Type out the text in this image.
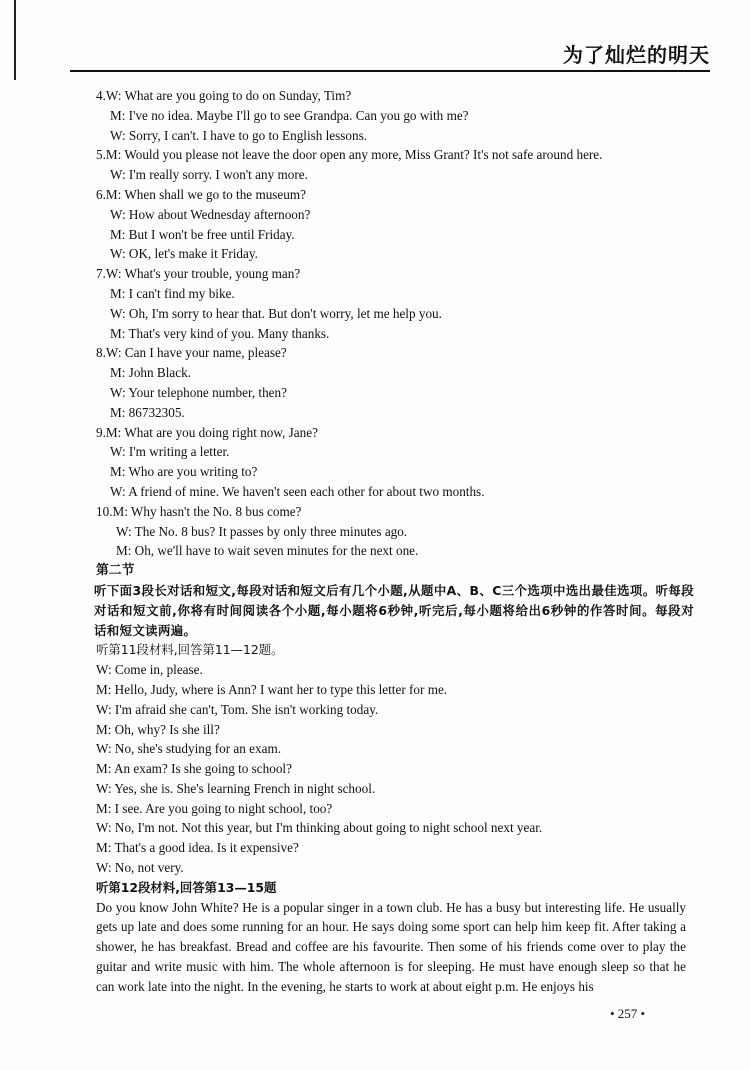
为了灿烂的明天
4.W: What are you going to do on Sunday, Tim?
M: I've no idea. Maybe I'll go to see Grandpa. Can you go with me?
W: Sorry, I can't. I have to go to English lessons.
5.M: Would you please not leave the door open any more, Miss Grant? It's not safe around here.
W: I'm really sorry. I won't any more.
6.M: When shall we go to the museum?
W: How about Wednesday afternoon?
M: But I won't be free until Friday.
W: OK, let's make it Friday.
7.W: What's your trouble, young man?
M: I can't find my bike.
W: Oh, I'm sorry to hear that. But don't worry, let me help you.
M: That's very kind of you. Many thanks.
8.W: Can I have your name, please?
M: John Black.
W: Your telephone number, then?
M: 86732305.
9.M: What are you doing right now, Jane?
W: I'm writing a letter.
M: Who are you writing to?
W: A friend of mine. We haven't seen each other for about two months.
10.M: Why hasn't the No. 8 bus come?
W: The No. 8 bus? It passes by only three minutes ago.
M: Oh, we'll have to wait seven minutes for the next one.
第二节
听下面3段长对话和短文,每段对话和短文后有几个小题,从题中A、B、C三个选项中选出最佳选项。听每段对话和短文前,你将有时间阅读各个小题,每小题将6秒钟,听完后,每小题将给出6秒钟的作答时间。每段对话和短文读两遍。
听第11段材料,回答第11—12题。
W: Come in, please.
M: Hello, Judy, where is Ann? I want her to type this letter for me.
W: I'm afraid she can't, Tom. She isn't working today.
M: Oh, why? Is she ill?
W: No, she's studying for an exam.
M: An exam? Is she going to school?
W: Yes, she is. She's learning French in night school.
M: I see. Are you going to night school, too?
W: No, I'm not. Not this year, but I'm thinking about going to night school next year.
M: That's a good idea. Is it expensive?
W: No, not very.
听第12段材料,回答第13—15题
Do you know John White? He is a popular singer in a town club. He has a busy but interesting life. He usually gets up late and does some running for an hour. He says doing some sport can help him keep fit. After taking a shower, he has breakfast. Bread and coffee are his favourite. Then some of his friends come over to play the guitar and write music with him. The whole afternoon is for sleeping. He must have enough sleep so that he can work late into the night. In the evening, he starts to work at about eight p.m. He enjoys his
• 257 •
